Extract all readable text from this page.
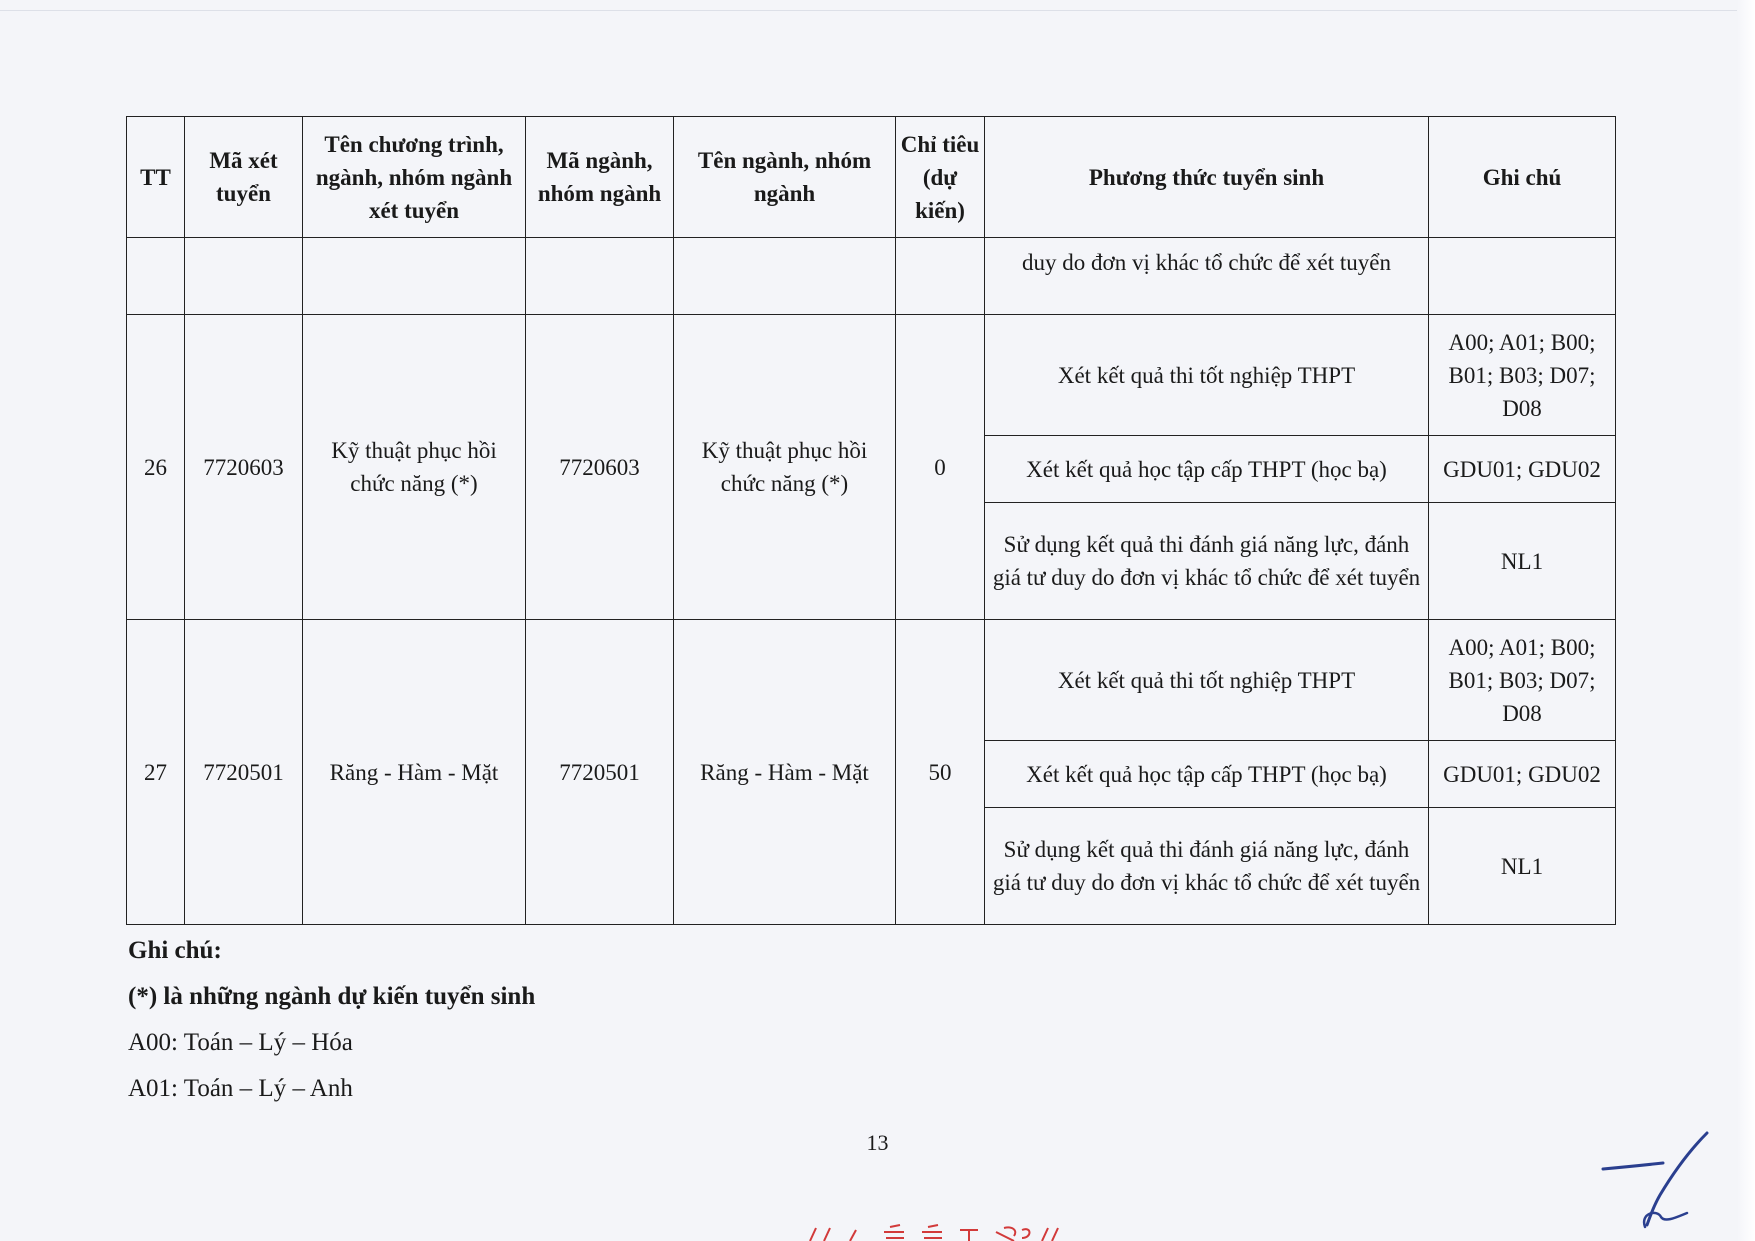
TT	Mã xét tuyển	Tên chương trình, ngành, nhóm ngành xét tuyển	Mã ngành, nhóm ngành	Tên ngành, nhóm ngành	Chỉ tiêu (dự kiến)	Phương thức tuyển sinh	Ghi chú
						duy do đơn vị khác tổ chức để xét tuyển	
26	7720603	Kỹ thuật phục hồi chức năng (*)	7720603	Kỹ thuật phục hồi chức năng (*)	0	Xét kết quả thi tốt nghiệp THPT	A00; A01; B00; B01; B03; D07; D08
						Xét kết quả học tập cấp THPT (học bạ)	GDU01; GDU02
						Sử dụng kết quả thi đánh giá năng lực, đánh giá tư duy do đơn vị khác tổ chức để xét tuyển	NL1
27	7720501	Răng - Hàm - Mặt	7720501	Răng - Hàm - Mặt	50	Xét kết quả thi tốt nghiệp THPT	A00; A01; B00; B01; B03; D07; D08
						Xét kết quả học tập cấp THPT (học bạ)	GDU01; GDU02
						Sử dụng kết quả thi đánh giá năng lực, đánh giá tư duy do đơn vị khác tổ chức để xét tuyển	NL1
Ghi chú:
(*) là những ngành dự kiến tuyển sinh
A00: Toán – Lý – Hóa
A01: Toán – Lý – Anh
13
